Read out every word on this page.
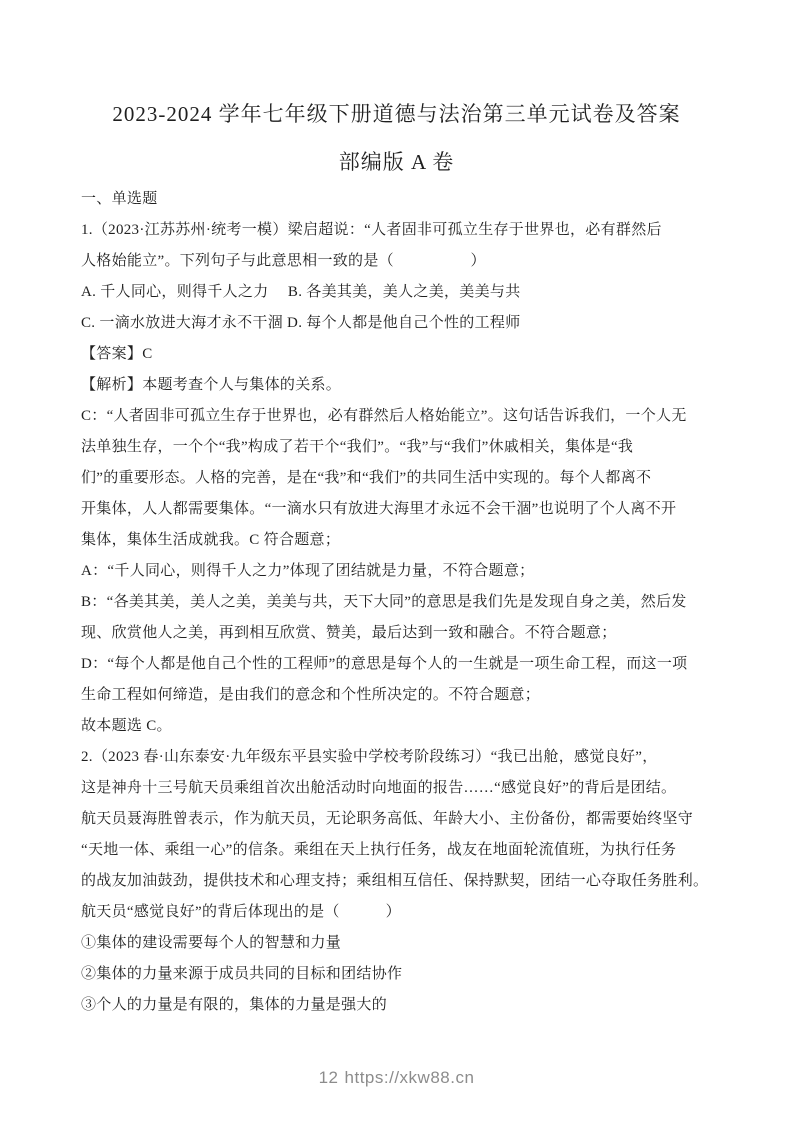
2023-2024 学年七年级下册道德与法治第三单元试卷及答案
部编版 A 卷
一、单选题
1.（2023·江苏苏州·统考一模）梁启超说：“人者固非可孤立生存于世界也，必有群然后
人格始能立”。下列句子与此意思相一致的是（　　　　　）
A. 千人同心，则得千人之力　 B. 各美其美，美人之美，美美与共
C. 一滴水放进大海才永不干涸 D. 每个人都是他自己个性的工程师
【答案】C
【解析】本题考查个人与集体的关系。
C：“人者固非可孤立生存于世界也，必有群然后人格始能立”。这句话告诉我们，一个人无
法单独生存，一个个“我”构成了若干个“我们”。“我”与“我们”休戚相关，集体是“我
们”的重要形态。人格的完善，是在“我”和“我们”的共同生活中实现的。每个人都离不
开集体，人人都需要集体。“一滴水只有放进大海里才永远不会干涸”也说明了个人离不开
集体，集体生活成就我。C 符合题意；
A：“千人同心，则得千人之力”体现了团结就是力量，不符合题意；
B：“各美其美，美人之美，美美与共，天下大同”的意思是我们先是发现自身之美，然后发
现、欣赏他人之美，再到相互欣赏、赞美，最后达到一致和融合。不符合题意；
D：“每个人都是他自己个性的工程师”的意思是每个人的一生就是一项生命工程，而这一项
生命工程如何缔造，是由我们的意念和个性所决定的。不符合题意；
故本题选 C。
2.（2023 春·山东泰安·九年级东平县实验中学校考阶段练习）“我已出舱，感觉良好”，
这是神舟十三号航天员乘组首次出舱活动时向地面的报告……“感觉良好”的背后是团结。
航天员聂海胜曾表示，作为航天员，无论职务高低、年龄大小、主份备份，都需要始终坚守
“天地一体、乘组一心”的信条。乘组在天上执行任务，战友在地面轮流值班，为执行任务
的战友加油鼓劲，提供技术和心理支持；乘组相互信任、保持默契，团结一心夺取任务胜利。
航天员“感觉良好”的背后体现出的是（　　　）
①集体的建设需要每个人的智慧和力量
②集体的力量来源于成员共同的目标和团结协作
③个人的力量是有限的，集体的力量是强大的
12 https://xkw88.cn
